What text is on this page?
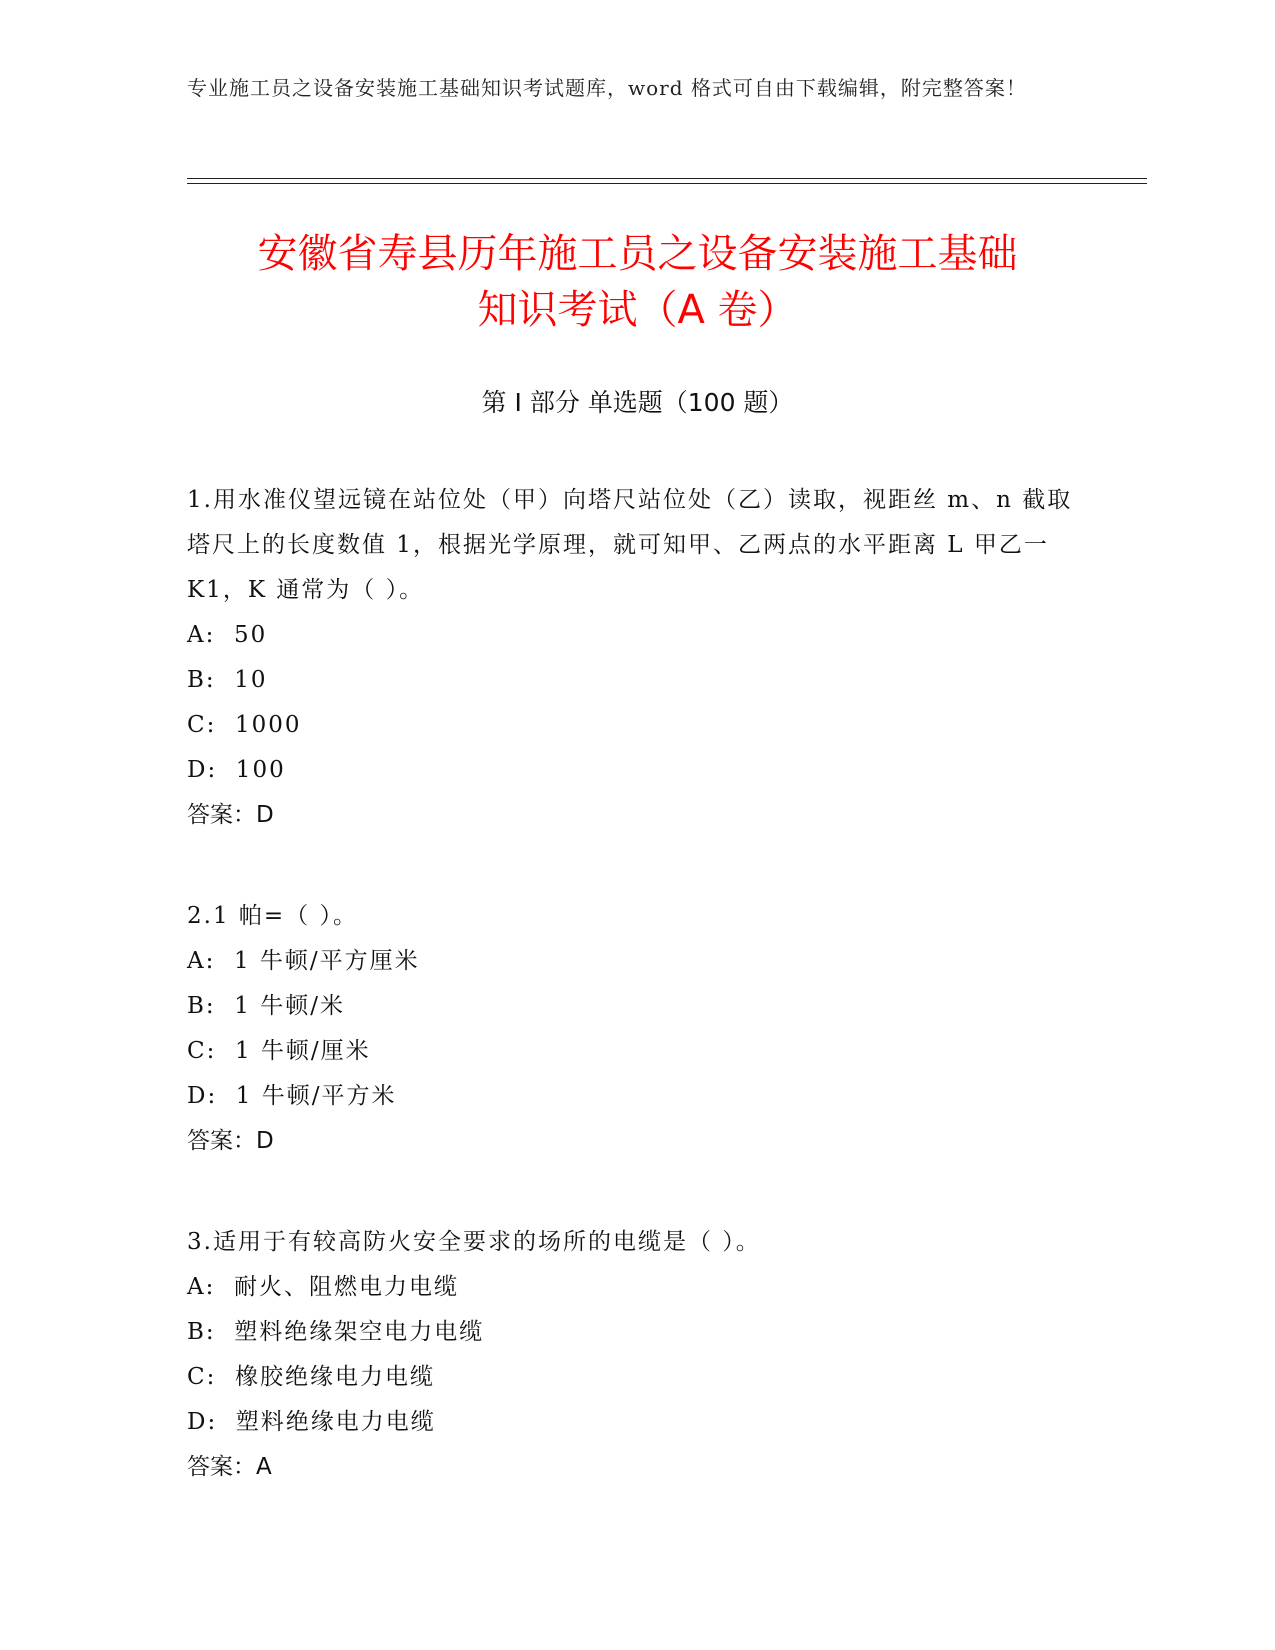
专业施工员之设备安装施工基础知识考试题库，word 格式可自由下载编辑，附完整答案！
安徽省寿县历年施工员之设备安装施工基础
知识考试（A 卷）
第 I 部分 单选题（100 题）

1.用水准仪望远镜在站位处（甲）向塔尺站位处（乙）读取，视距丝 m、n 截取塔尺上的长度数值 1，根据光学原理，就可知甲、乙两点的水平距离 L 甲乙一 K1，K 通常为（ ）。

A:  50

B:  10

C:  1000

D:  100

答案：D

2.1 帕=（ ）。

A:  1 牛顿/平方厘米

B:  1 牛顿/米

C:  1 牛顿/厘米

D:  1 牛顿/平方米

答案：D

3.适用于有较高防火安全要求的场所的电缆是（ ）。

A:  耐火、阻燃电力电缆

B:  塑料绝缘架空电力电缆

C:  橡胶绝缘电力电缆

D:  塑料绝缘电力电缆

答案：A
